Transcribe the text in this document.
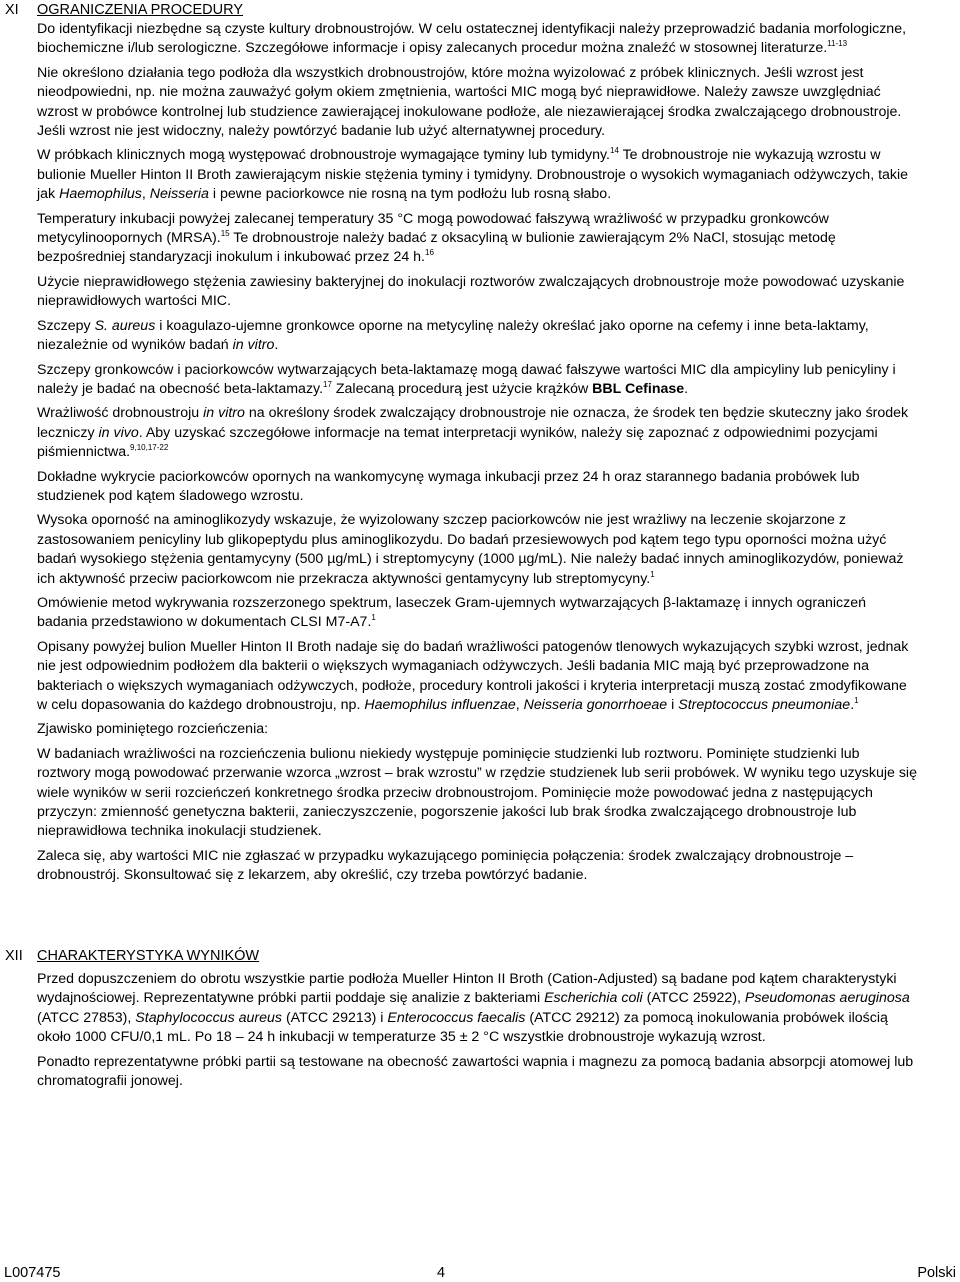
XI OGRANICZENIA PROCEDURY

Do identyfikacji niezbędne są czyste kultury drobnoustrojów. W celu ostatecznej identyfikacji należy przeprowadzić badania morfologiczne, biochemiczne i/lub serologiczne. Szczegółowe informacje i opisy zalecanych procedur można znaleźć w stosownej literaturze.$^{11-13}$

Nie określono działania tego podłoża dla wszystkich drobnoustrojów, które można wyizolować z próbek klinicznych. Jeśli wzrost jest nieodpowiedni, np. nie można zauważyć gołym okiem zmętnienia, wartości MIC mogą być nieprawidłowe. Należy zawsze uwzględniać wzrost w probówce kontrolnej lub studzience zawierającej inokulowane podłoże, ale niezawierającej środka zwalczającego drobnoustroje. Jeśli wzrost nie jest widoczny, należy powtórzyć badanie lub użyć alternatywnej procedury.

W próbkach klinicznych mogą występować drobnoustroje wymagające tyminy lub tymidyny.$^{14}$ Te drobnoustroje nie wykazują wzrostu w bulionie Mueller Hinton II Broth zawierającym niskie stężenia tyminy i tymidyny. Drobnoustroje o wysokich wymaganiach odżywczych, takie jak Haemophilus, Neisseria i pewne paciorkowce nie rosną na tym podłożu lub rosną słabo.

Temperatury inkubacji powyżej zalecanej temperatury 35 °C mogą powodować fałszywą wrażliwość w przypadku gronkowców metycylinoopornych (MRSA).$^{15}$ Te drobnoustroje należy badać z oksacyliną w bulionie zawierającym 2% NaCl, stosując metodę bezpośredniej standaryzacji inokulum i inkubować przez 24 h.$^{16}$

Użycie nieprawidłowego stężenia zawiesiny bakteryjnej do inokulacji roztworów zwalczających drobnoustroje może powodować uzyskanie nieprawidłowych wartości MIC.

Szczepy S. aureus i koagulazo-ujemne gronkowce oporne na metycylinę należy określać jako oporne na cefemy i inne beta-laktamy, niezależnie od wyników badań in vitro.

Szczepy gronkowców i paciorkowców wytwarzających beta-laktamazę mogą dawać fałszywe wartości MIC dla ampicyliny lub penicyliny i należy je badać na obecność beta-laktamazy.$^{17}$ Zalecaną procedurą jest użycie krążków BBL Cefinase.

Wrażliwość drobnoustroju in vitro na określony środek zwalczający drobnoustroje nie oznacza, że środek ten będzie skuteczny jako środek leczniczy in vivo. Aby uzyskać szczegółowe informacje na temat interpretacji wyników, należy się zapoznać z odpowiednimi pozycjami piśmiennictwa.$^{9,10,17-22}$

Dokładne wykrycie paciorkowców opornych na wankomycynę wymaga inkubacji przez 24 h oraz starannego badania probówek lub studzienek pod kątem śladowego wzrostu.

Wysoka oporność na aminoglikozydy wskazuje, że wyizolowany szczep paciorkowców nie jest wrażliwy na leczenie skojarzone z zastosowaniem penicyliny lub glikopeptydu plus aminoglikozydu. Do badań przesiewowych pod kątem tego typu oporności można użyć badań wysokiego stężenia gentamycyny (500 µg/mL) i streptomycyny (1000 µg/mL). Nie należy badać innych aminoglikozydów, ponieważ ich aktywność przeciw paciorkowcom nie przekracza aktywności gentamycyny lub streptomycyny.$^1$

Omówienie metod wykrywania rozszerzonego spektrum, laseczek Gram-ujemnych wytwarzających β-laktamazę i innych ograniczeń badania przedstawiono w dokumentach CLSI M7-A7.$^1$

Opisany powyżej bulion Mueller Hinton II Broth nadaje się do badań wrażliwości patogenów tlenowych wykazujących szybki wzrost, jednak nie jest odpowiednim podłożem dla bakterii o większych wymaganiach odżywczych. Jeśli badania MIC mają być przeprowadzone na bakteriach o większych wymaganiach odżywczych, podłoże, procedury kontroli jakości i kryteria interpretacji muszą zostać zmodyfikowane w celu dopasowania do każdego drobnoustroju, np. Haemophilus influenzae, Neisseria gonorrhoeae i Streptococcus pneumoniae.$^1$

Zjawisko pominiętego rozcieńczenia:

W badaniach wrażliwości na rozcieńczenia bulionu niekiedy występuje pominięcie studzienki lub roztworu. Pominięte studzienki lub roztwory mogą powodować przerwanie wzorca „wzrost – brak wzrostu” w rzędzie studzienek lub serii probówek. W wyniku tego uzyskuje się wiele wyników w serii rozcieńczeń konkretnego środka przeciw drobnoustrojom. Pominięcie może powodować jedna z następujących przyczyn: zmienność genetyczna bakterii, zanieczyszczenie, pogorszenie jakości lub brak środka zwalczającego drobnoustroje lub nieprawidłowa technika inokulacji studzienek.

Zaleca się, aby wartości MIC nie zgłaszać w przypadku wykazującego pominięcia połączenia: środek zwalczający drobnoustroje – drobnoustrój. Skonsultować się z lekarzem, aby określić, czy trzeba powtórzyć badanie.

XII CHARAKTERYSTYKA WYNIKÓW

Przed dopuszczeniem do obrotu wszystkie partie podłoża Mueller Hinton II Broth (Cation-Adjusted) są badane pod kątem charakterystyki wydajnościowej. Reprezentatywne próbki partii poddaje się analizie z bakteriami Escherichia coli (ATCC 25922), Pseudomonas aeruginosa (ATCC 27853), Staphylococcus aureus (ATCC 29213) i Enterococcus faecalis (ATCC 29212) za pomocą inokulowania probówek ilością około 1000 CFU/0,1 mL. Po 18 – 24 h inkubacji w temperaturze 35 ± 2 °C wszystkie drobnoustroje wykazują wzrost.

Ponadto reprezentatywne próbki partii są testowane na obecność zawartości wapnia i magnezu za pomocą badania absorpcji atomowej lub chromatografii jonowej.

L007475	4	Polski
